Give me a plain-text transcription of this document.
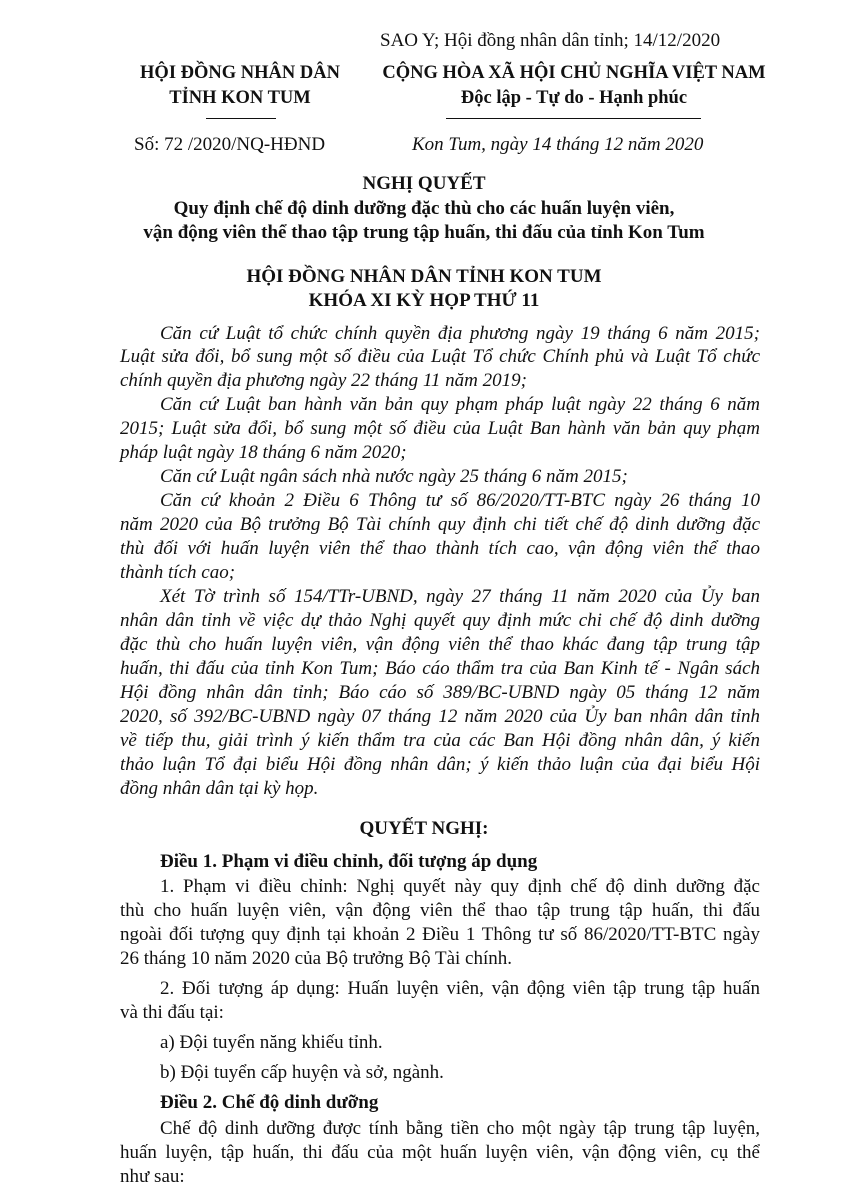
SAO Y; Hội đồng nhân dân tỉnh; 14/12/2020
HỘI ĐỒNG NHÂN DÂN
TỈNH KON TUM
CỘNG HÒA XÃ HỘI CHỦ NGHĨA VIỆT NAM
Độc lập - Tự do - Hạnh phúc
Số: 72 /2020/NQ-HĐND	Kon Tum, ngày 14 tháng 12 năm 2020
NGHỊ QUYẾT
Quy định chế độ dinh dưỡng đặc thù cho các huấn luyện viên,
vận động viên thể thao tập trung tập huấn, thi đấu của tỉnh Kon Tum
HỘI ĐỒNG NHÂN DÂN TỈNH KON TUM
KHÓA XI KỲ HỌP THỨ 11
Căn cứ Luật tổ chức chính quyền địa phương ngày 19 tháng 6 năm 2015;
Luật sửa đổi, bổ sung một số điều của Luật Tổ chức Chính phủ và Luật Tổ chức
chính quyền địa phương ngày 22 tháng 11 năm 2019;
Căn cứ Luật ban hành văn bản quy phạm pháp luật ngày 22 tháng 6 năm
2015; Luật sửa đổi, bổ sung một số điều của Luật Ban hành văn bản quy phạm
pháp luật ngày 18 tháng 6 năm 2020;
Căn cứ Luật ngân sách nhà nước ngày 25 tháng 6 năm 2015;
Căn cứ khoản 2 Điều 6 Thông tư số 86/2020/TT-BTC ngày 26 tháng 10
năm 2020 của Bộ trưởng Bộ Tài chính quy định chi tiết chế độ dinh dưỡng đặc
thù đối với huấn luyện viên thể thao thành tích cao, vận động viên thể thao
thành tích cao;
Xét Tờ trình số 154/TTr-UBND, ngày 27 tháng 11 năm 2020 của Ủy ban
nhân dân tỉnh về việc dự thảo Nghị quyết quy định mức chi chế độ dinh dưỡng
đặc thù cho huấn luyện viên, vận động viên thể thao khác đang tập trung tập
huấn, thi đấu của tỉnh Kon Tum; Báo cáo thẩm tra của Ban Kinh tế - Ngân sách
Hội đồng nhân dân tỉnh; Báo cáo số 389/BC-UBND ngày 05 tháng 12 năm
2020, số 392/BC-UBND ngày 07 tháng 12 năm 2020 của Ủy ban nhân dân tỉnh
về tiếp thu, giải trình ý kiến thẩm tra của các Ban Hội đồng nhân dân, ý kiến
thảo luận Tổ đại biểu Hội đồng nhân dân; ý kiến thảo luận của đại biểu Hội
đồng nhân dân tại kỳ họp.
QUYẾT NGHỊ:
Điều 1. Phạm vi điều chỉnh, đối tượng áp dụng
1. Phạm vi điều chỉnh: Nghị quyết này quy định chế độ dinh dưỡng đặc
thù cho huấn luyện viên, vận động viên thể thao tập trung tập huấn, thi đấu
ngoài đối tượng quy định tại khoản 2 Điều 1 Thông tư số 86/2020/TT-BTC ngày
26 tháng 10 năm 2020 của Bộ trưởng Bộ Tài chính.
2. Đối tượng áp dụng: Huấn luyện viên, vận động viên tập trung tập huấn
và thi đấu tại:
a) Đội tuyển năng khiếu tỉnh.
b) Đội tuyển cấp huyện và sở, ngành.
Điều 2. Chế độ dinh dưỡng
Chế độ dinh dưỡng được tính bằng tiền cho một ngày tập trung tập luyện,
huấn luyện, tập huấn, thi đấu của một huấn luyện viên, vận động viên, cụ thể
như sau:
